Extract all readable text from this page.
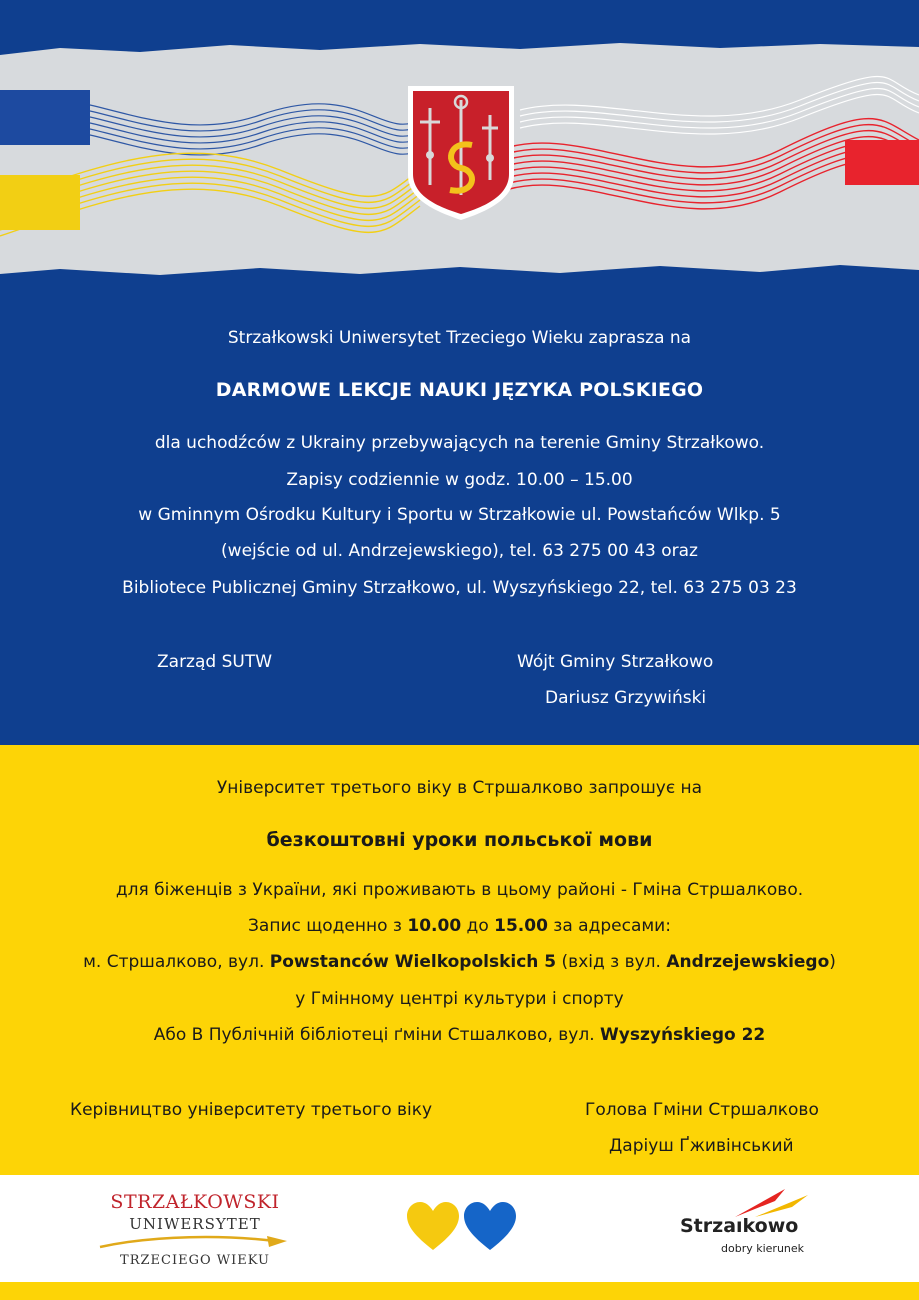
Strzałkowski Uniwersytet Trzeciego Wieku zaprasza na
DARMOWE LEKCJE NAUKI JĘZYKA POLSKIEGO
dla uchodźców z Ukrainy przebywających na terenie Gminy Strzałkowo.
Zapisy codziennie w godz. 10.00 – 15.00
w Gminnym Ośrodku Kultury i Sportu w Strzałkowie ul. Powstańców Wlkp. 5
(wejście od ul. Andrzejewskiego), tel. 63 275 00 43 oraz
Bibliotece Publicznej Gminy Strzałkowo, ul. Wyszyńskiego 22, tel. 63 275 03 23
Zarząd SUTW	Wójt Gminy Strzałkowo
Dariusz Grzywiński
Університет третього віку в Стршалково запрошує на
безкоштовні уроки польської мови
для біженців з України, які проживають в цьому районі - Гміна Стршалково.
Запис щоденно з 10.00 до 15.00 за адресами:
м. Стршалково, вул. Powstanców Wielkopolskich 5 (вхід з вул. Andrzejewskiego)
у Гмінному центрі культури і спорту
Або В Публічній бібліотеці ґміни Стшалково, вул. Wyszyńskiego 22
Керівництво університету третього віку	Голова Гміни Стршалково
Даріуш Ґживінський
STRZAŁKOWSKI
UNIWERSYTET
TRZECIEGO WIEKU
Strzaıkowo
dobry kierunek
